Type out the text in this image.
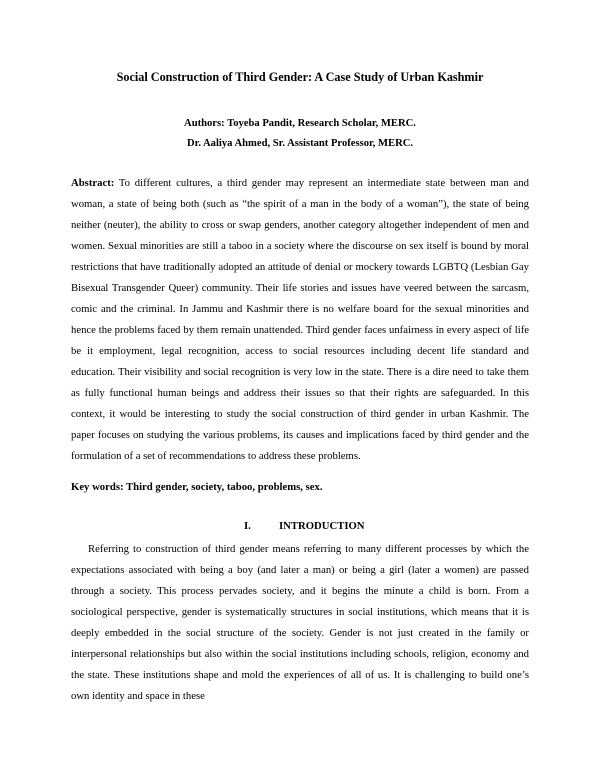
Social Construction of Third Gender: A Case Study of Urban Kashmir
Authors: Toyeba Pandit, Research Scholar, MERC.
Dr. Aaliya Ahmed, Sr. Assistant Professor, MERC.
Abstract: To different cultures, a third gender may represent an intermediate state between man and woman, a state of being both (such as “the spirit of a man in the body of a woman”), the state of being neither (neuter), the ability to cross or swap genders, another category altogether independent of men and women. Sexual minorities are still a taboo in a society where the discourse on sex itself is bound by moral restrictions that have traditionally adopted an attitude of denial or mockery towards LGBTQ (Lesbian Gay Bisexual Transgender Queer) community. Their life stories and issues have veered between the sarcasm, comic and the criminal. In Jammu and Kashmir there is no welfare board for the sexual minorities and hence the problems faced by them remain unattended. Third gender faces unfairness in every aspect of life be it employment, legal recognition, access to social resources including decent life standard and education. Their visibility and social recognition is very low in the state. There is a dire need to take them as fully functional human beings and address their issues so that their rights are safeguarded. In this context, it would be interesting to study the social construction of third gender in urban Kashmir. The paper focuses on studying the various problems, its causes and implications faced by third gender and the formulation of a set of recommendations to address these problems.
Key words: Third gender, society, taboo, problems, sex.
I.	INTRODUCTION
Referring to construction of third gender means referring to many different processes by which the expectations associated with being a boy (and later a man) or being a girl (later a women) are passed through a society. This process pervades society, and it begins the minute a child is born. From a sociological perspective, gender is systematically structures in social institutions, which means that it is deeply embedded in the social structure of the society. Gender is not just created in the family or interpersonal relationships but also within the social institutions including schools, religion, economy and the state. These institutions shape and mold the experiences of all of us. It is challenging to build one’s own identity and space in these
